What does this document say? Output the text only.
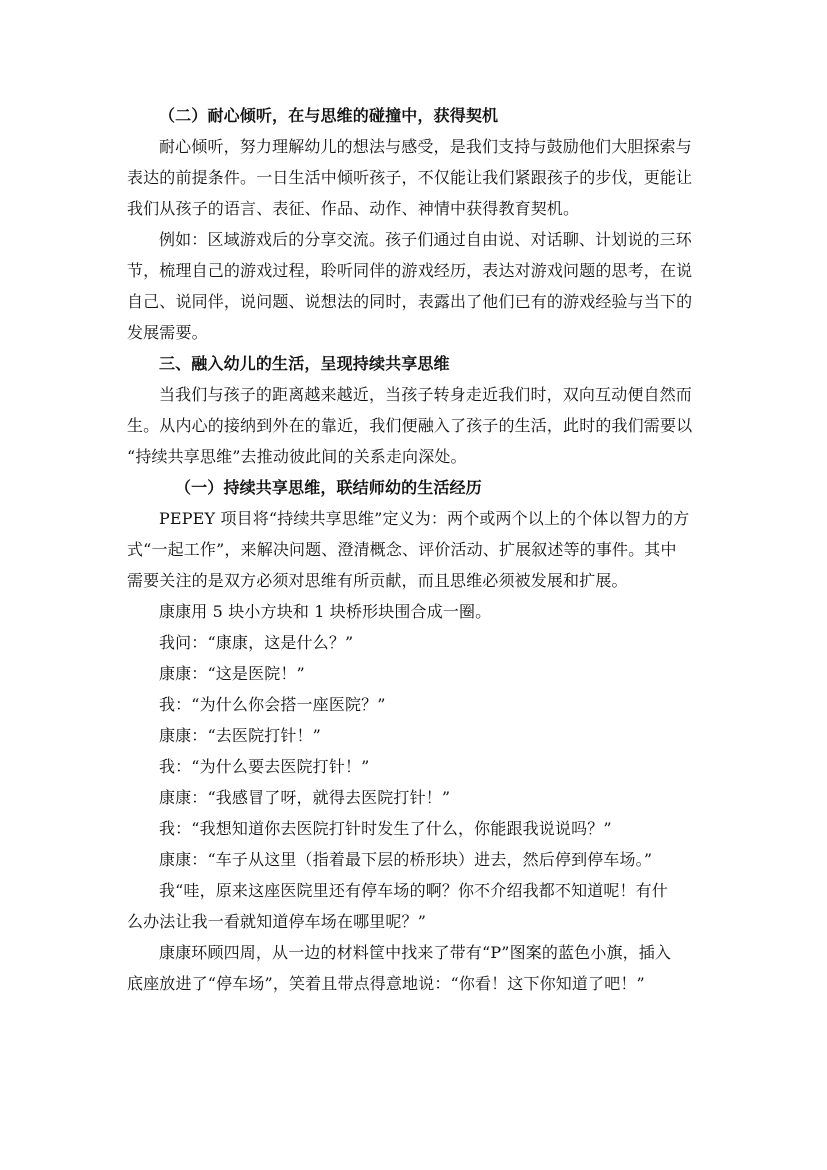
（二）耐心倾听，在与思维的碰撞中，获得契机
耐心倾听，努力理解幼儿的想法与感受，是我们支持与鼓励他们大胆探索与
表达的前提条件。一日生活中倾听孩子，不仅能让我们紧跟孩子的步伐，更能让
我们从孩子的语言、表征、作品、动作、神情中获得教育契机。
例如：区域游戏后的分享交流。孩子们通过自由说、对话聊、计划说的三环
节，梳理自己的游戏过程，聆听同伴的游戏经历，表达对游戏问题的思考，在说
自己、说同伴，说问题、说想法的同时，表露出了他们已有的游戏经验与当下的
发展需要。
三、融入幼儿的生活，呈现持续共享思维
当我们与孩子的距离越来越近，当孩子转身走近我们时，双向互动便自然而
生。从内心的接纳到外在的靠近，我们便融入了孩子的生活，此时的我们需要以
“持续共享思维”去推动彼此间的关系走向深处。
（一）持续共享思维，联结师幼的生活经历
PEPEY 项目将“持续共享思维”定义为：两个或两个以上的个体以智力的方
式“一起工作”，来解决问题、澄清概念、评价活动、扩展叙述等的事件。其中
需要关注的是双方必须对思维有所贡献，而且思维必须被发展和扩展。
康康用 5 块小方块和 1 块桥形块围合成一圈。
我问：“康康，这是什么？”
康康：“这是医院！”
我：“为什么你会搭一座医院？”
康康：“去医院打针！”
我：“为什么要去医院打针！”
康康：“我感冒了呀，就得去医院打针！”
我：“我想知道你去医院打针时发生了什么，你能跟我说说吗？”
康康：“车子从这里（指着最下层的桥形块）进去，然后停到停车场。”
我“哇，原来这座医院里还有停车场的啊？你不介绍我都不知道呢！有什
么办法让我一看就知道停车场在哪里呢？”
康康环顾四周，从一边的材料筐中找来了带有“P”图案的蓝色小旗，插入
底座放进了“停车场”，笑着且带点得意地说：“你看！这下你知道了吧！”
